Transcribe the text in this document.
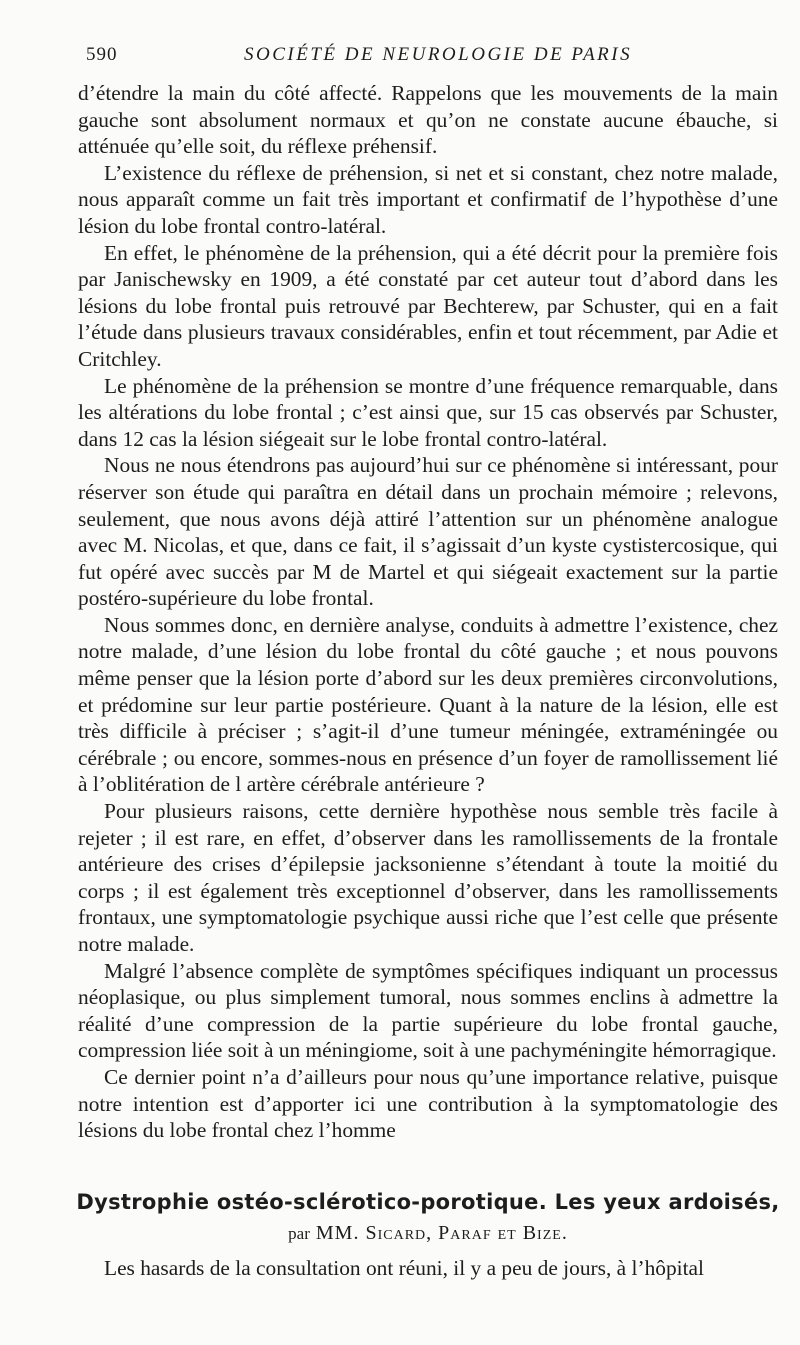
590	SOCIÉTÉ DE NEUROLOGIE DE PARIS

d’étendre la main du côté affecté. Rappelons que les mouvements de la main gauche sont absolument normaux et qu’on ne constate aucune ébauche, si atténuée qu’elle soit, du réflexe préhensif.

L’existence du réflexe de préhension, si net et si constant, chez notre malade, nous apparaît comme un fait très important et confirmatif de l’hypothèse d’une lésion du lobe frontal contro-latéral.

En effet, le phénomène de la préhension, qui a été décrit pour la première fois par Janischewsky en 1909, a été constaté par cet auteur tout d’abord dans les lésions du lobe frontal puis retrouvé par Bechterew, par Schuster, qui en a fait l’étude dans plusieurs travaux considérables, enfin et tout récemment, par Adie et Critchley.

Le phénomène de la préhension se montre d’une fréquence remarquable, dans les altérations du lobe frontal ; c’est ainsi que, sur 15 cas observés par Schuster, dans 12 cas la lésion siégeait sur le lobe frontal contro-latéral.

Nous ne nous étendrons pas aujourd’hui sur ce phénomène si intéressant, pour réserver son étude qui paraîtra en détail dans un prochain mémoire ; relevons, seulement, que nous avons déjà attiré l’attention sur un phénomène analogue avec M. Nicolas, et que, dans ce fait, il s’agissait d’un kyste cystistercosique, qui fut opéré avec succès par M de Martel et qui siégeait exactement sur la partie postéro-supérieure du lobe frontal.

Nous sommes donc, en dernière analyse, conduits à admettre l’existence, chez notre malade, d’une lésion du lobe frontal du côté gauche ; et nous pouvons même penser que la lésion porte d’abord sur les deux premières circonvolutions, et prédomine sur leur partie postérieure. Quant à la nature de la lésion, elle est très difficile à préciser ; s’agit-il d’une tumeur méningée, extraméningée ou cérébrale ; ou encore, sommes-nous en présence d’un foyer de ramollissement lié à l’oblitération de l artère cérébrale antérieure ?

Pour plusieurs raisons, cette dernière hypothèse nous semble très facile à rejeter ; il est rare, en effet, d’observer dans les ramollissements de la frontale antérieure des crises d’épilepsie jacksonienne s’étendant à toute la moitié du corps ; il est également très exceptionnel d’observer, dans les ramollissements frontaux, une symptomatologie psychique aussi riche que l’est celle que présente notre malade.

Malgré l’absence complète de symptômes spécifiques indiquant un processus néoplasique, ou plus simplement tumoral, nous sommes enclins à admettre la réalité d’une compression de la partie supérieure du lobe frontal gauche, compression liée soit à un méningiome, soit à une pachyméningite hémorragique.

Ce dernier point n’a d’ailleurs pour nous qu’une importance relative, puisque notre intention est d’apporter ici une contribution à la symptomatologie des lésions du lobe frontal chez l’homme

Dystrophie ostéo-sclérotico-porotique. Les yeux ardoisés,
par MM. Sicard, Paraf et Bize.
Les hasards de la consultation ont réuni, il y a peu de jours, à l’hôpital
